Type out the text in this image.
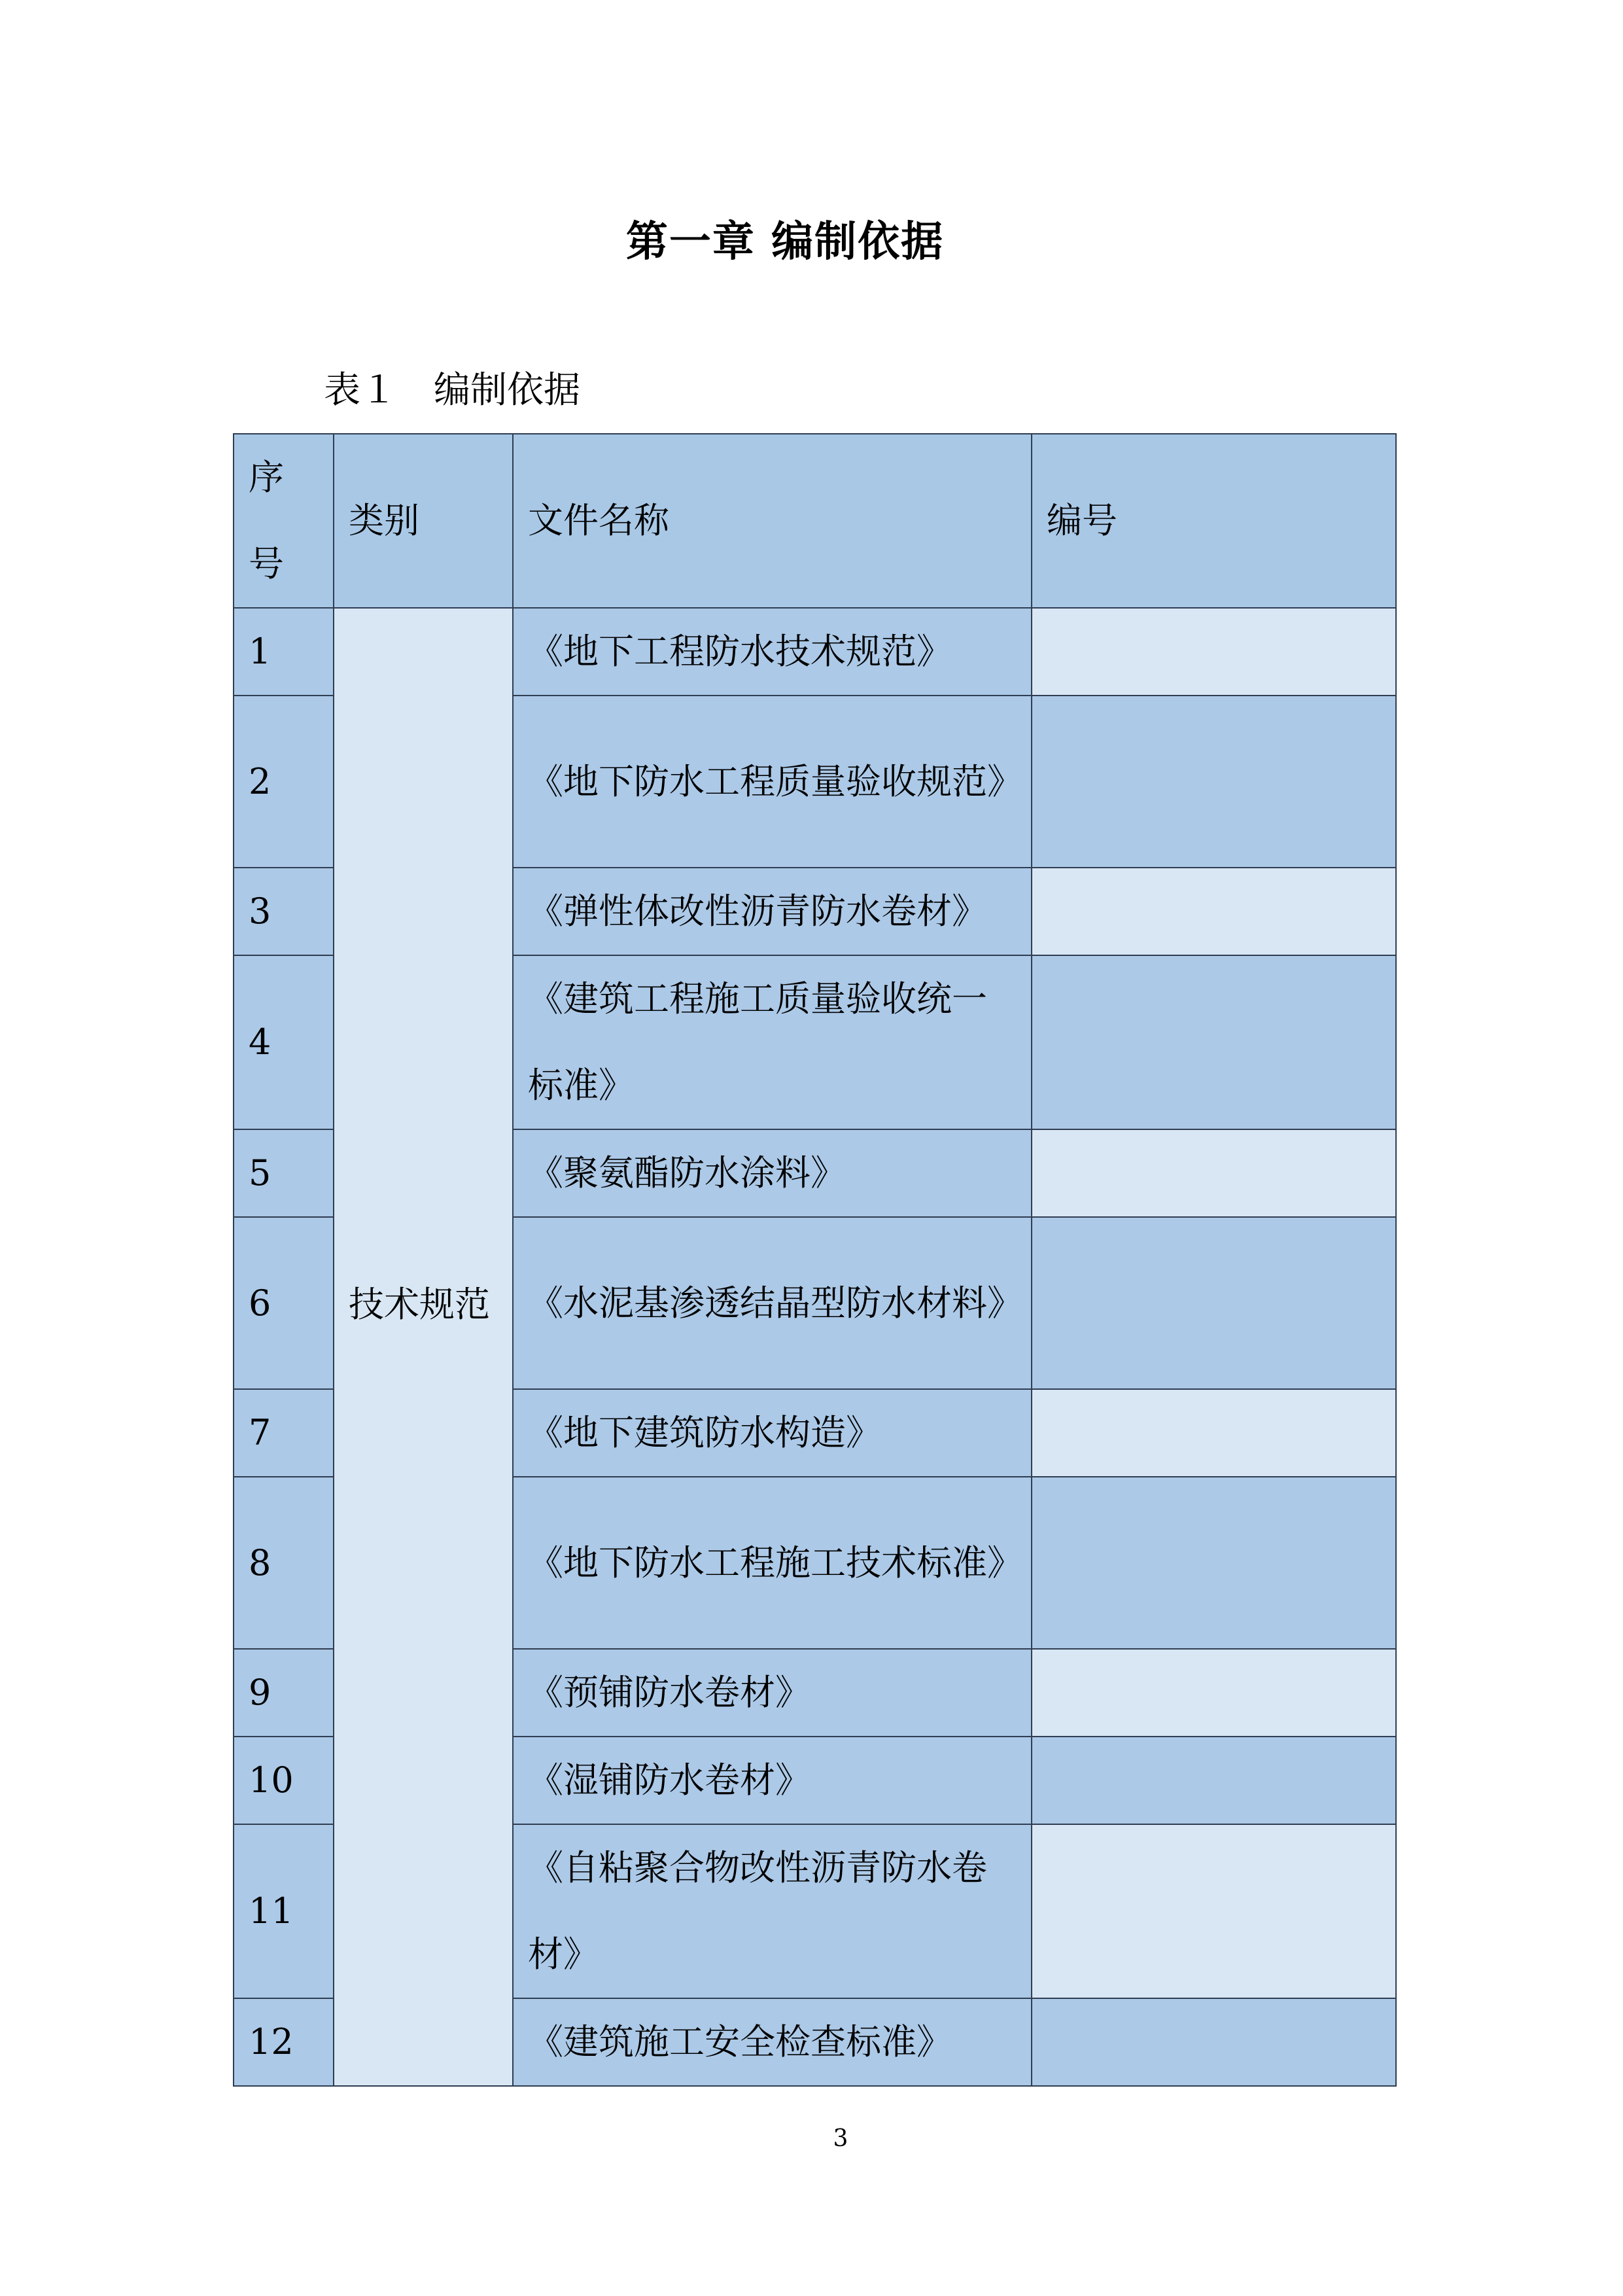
第一章 编制依据
表１　编制依据
序号	类别	文件名称	编号
1	技术规范	《地下工程防水技术规范》	
2		《地下防水工程质量验收规范》	
3		《弹性体改性沥青防水卷材》	
4		《建筑工程施工质量验收统一标准》	
5		《聚氨酯防水涂料》	
6		《水泥基渗透结晶型防水材料》	
7		《地下建筑防水构造》	
8		《地下防水工程施工技术标准》	
9		《预铺防水卷材》	
10		《湿铺防水卷材》	
11		《自粘聚合物改性沥青防水卷材》	
12		《建筑施工安全检查标准》	
3
